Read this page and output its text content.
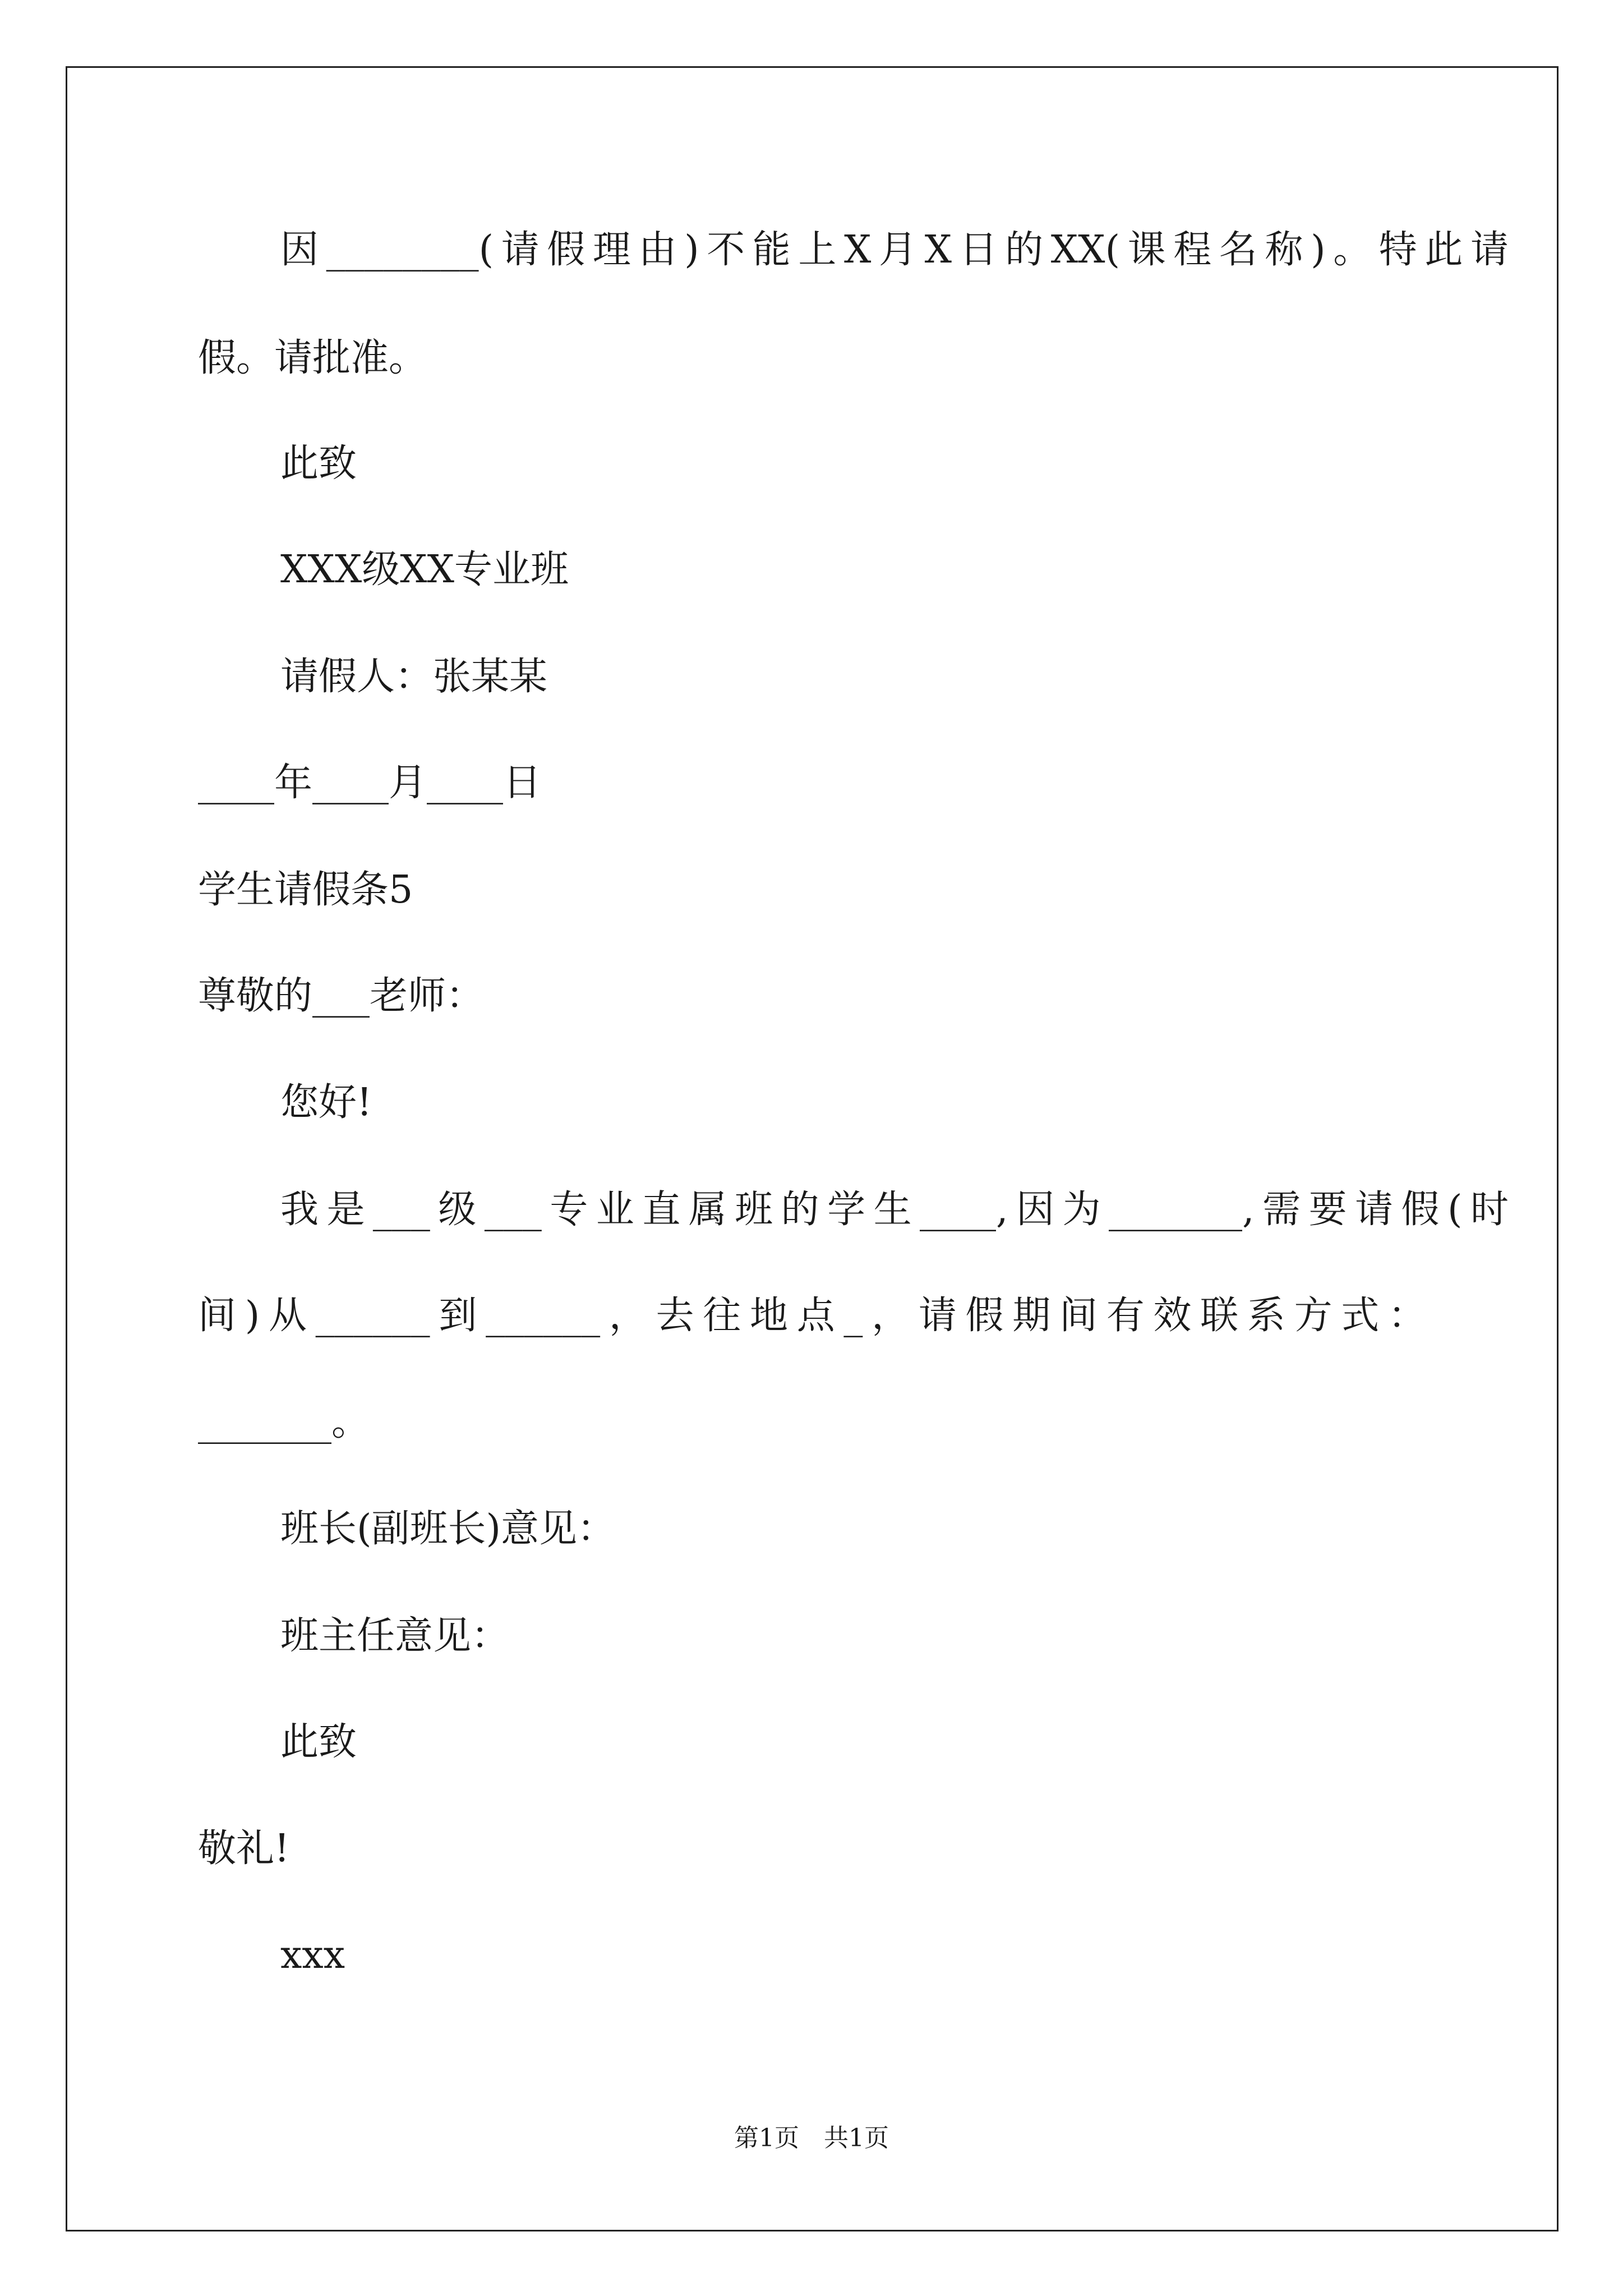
因________(请假理由)不能上X月X日的XX(课程名称)。特此请
假。请批准。
此致
XXX级XX专业班
请假人：张某某
____年____月____日
学生请假条5
尊敬的___老师：
您好!
我是___级___专业直属班的学生____,因为_______,需要请假(时
间)从______到______，去往地点_，请假期间有效联系方式：
_______。
班长(副班长)意见：
班主任意见：
此致
敬礼!
xxx
第1页　共1页
